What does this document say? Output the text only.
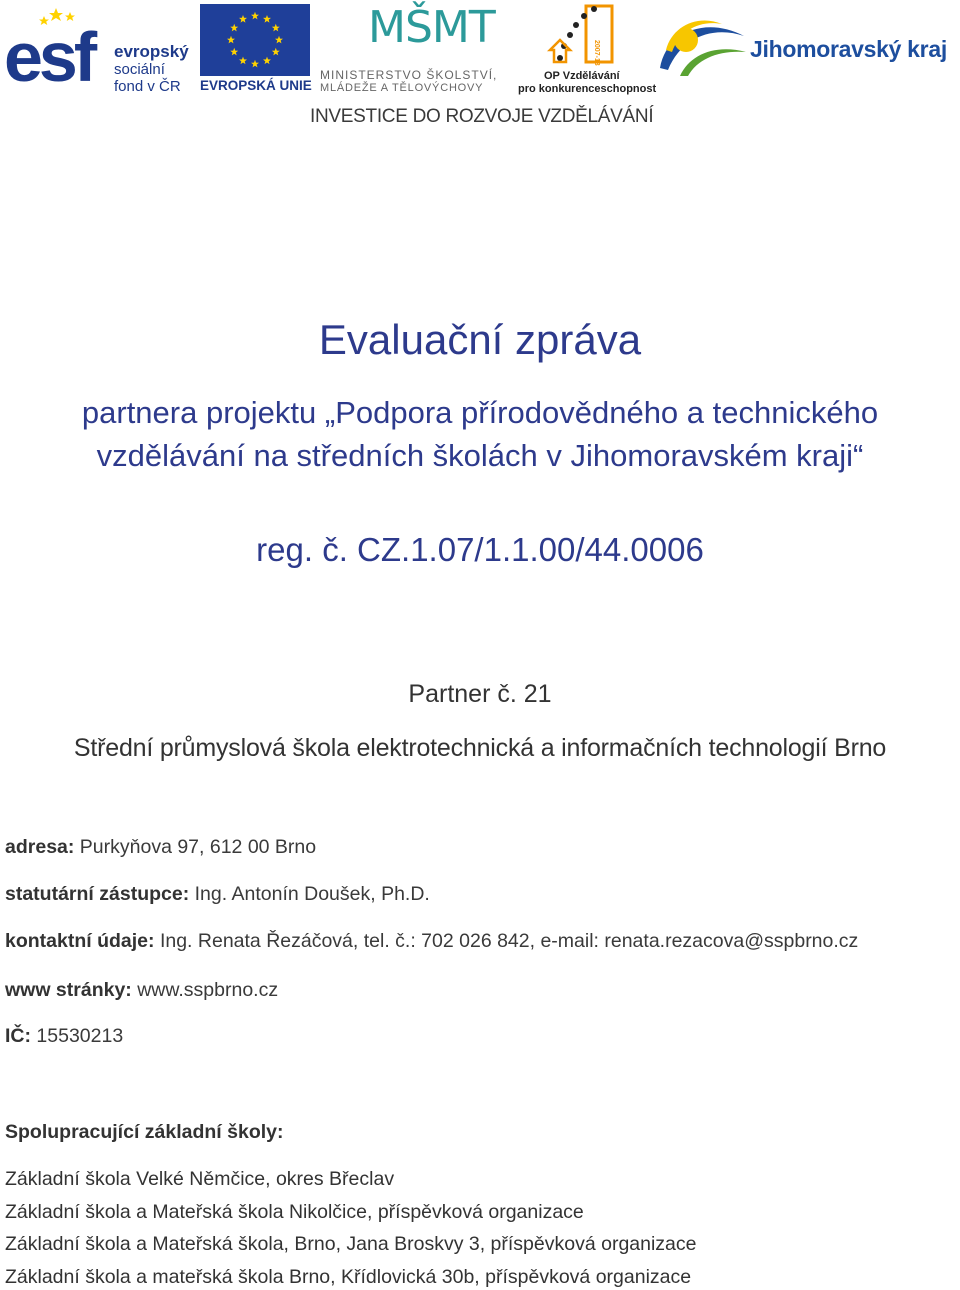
esf evropský
sociální
fond v ČR EVROPSKÁ UNIE
MŠMT
MINISTERSTVO ŠKOLSTVÍ,
MLÁDEŽE A TĚLOVÝCHOVY
2007-13
OP Vzdělávání
pro konkurenceschopnost
Jihomoravský kraj
INVESTICE DO ROZVOJE VZDĚLÁVÁNÍ
Evaluační zpráva
partnera projektu „Podpora přírodovědného a technického
vzdělávání na středních školách v Jihomoravském kraji“
reg. č. CZ.1.07/1.1.00/44.0006
Partner č. 21
Střední průmyslová škola elektrotechnická a informačních technologií Brno
adresa: Purkyňova 97, 612 00 Brno
statutární zástupce: Ing. Antonín Doušek, Ph.D.
kontaktní údaje: Ing. Renata Řezáčová, tel. č.: 702 026 842, e-mail: renata.rezacova@sspbrno.cz
www stránky: www.sspbrno.cz
IČ: 15530213
Spolupracující základní školy:
Základní škola Velké Němčice, okres Břeclav
Základní škola a Mateřská škola Nikolčice, příspěvková organizace
Základní škola a Mateřská škola, Brno, Jana Broskvy 3, příspěvková organizace
Základní škola a mateřská škola Brno, Křídlovická 30b, příspěvková organizace
